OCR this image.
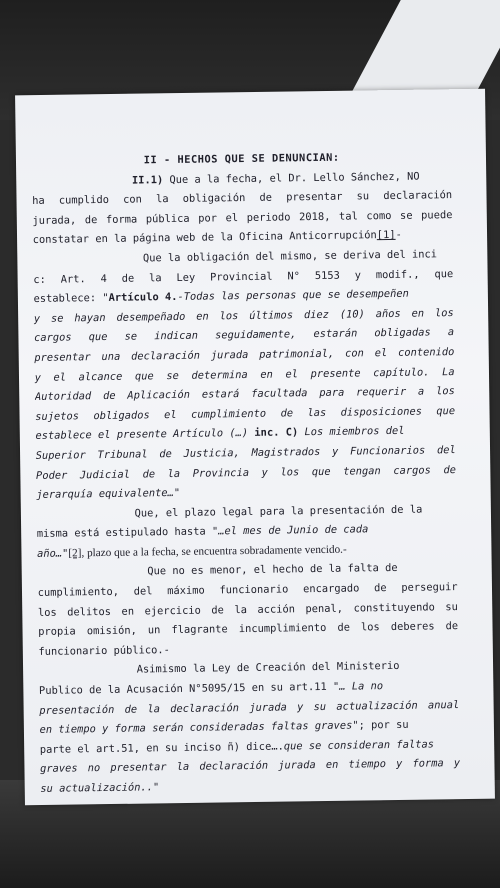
II - HECHOS QUE SE DENUNCIAN:
II.1) Que a la fecha, el Dr. Lello Sánchez, NO
ha cumplido con la obligación de presentar su declaración
jurada, de forma pública por el periodo 2018, tal como se puede
constatar en la página web de la Oficina Anticorrupción[1]-
Que la obligación del mismo, se deriva del inci
c: Art. 4 de la Ley Provincial N° 5153 y modif., que
establece: "Artículo 4.-Todas las personas que se desempeñen
y se hayan desempeñado en los últimos diez (10) años en los
cargos que se indican seguidamente, estarán obligadas a
presentar una declaración jurada patrimonial, con el contenido
y el alcance que se determina en el presente capítulo. La
Autoridad de Aplicación estará facultada para requerir a los
sujetos obligados el cumplimiento de las disposiciones que
establece el presente Artículo (…) inc. C) Los miembros del
Superior Tribunal de Justicia, Magistrados y Funcionarios del
Poder Judicial de la Provincia y los que tengan cargos de
jerarquía equivalente…"
Que, el plazo legal para la presentación de la
misma está estipulado hasta "…el mes de Junio de cada
año…"[2], plazo que a la fecha, se encuentra sobradamente vencido.-
Que no es menor, el hecho de la falta de
cumplimiento, del máximo funcionario encargado de perseguir
los delitos en ejercicio de la acción penal, constituyendo su
propia omisión, un flagrante incumplimiento de los deberes de
funcionario público.-
Asimismo la Ley de Creación del Ministerio
Publico de la Acusación N°5095/15 en su art.11 "… La no
presentación de la declaración jurada y su actualización anual
en tiempo y forma serán consideradas faltas graves"; por su
parte el art.51, en su inciso ñ) dice….que se consideran faltas
graves no presentar la declaración jurada en tiempo y forma y
su actualización.."
